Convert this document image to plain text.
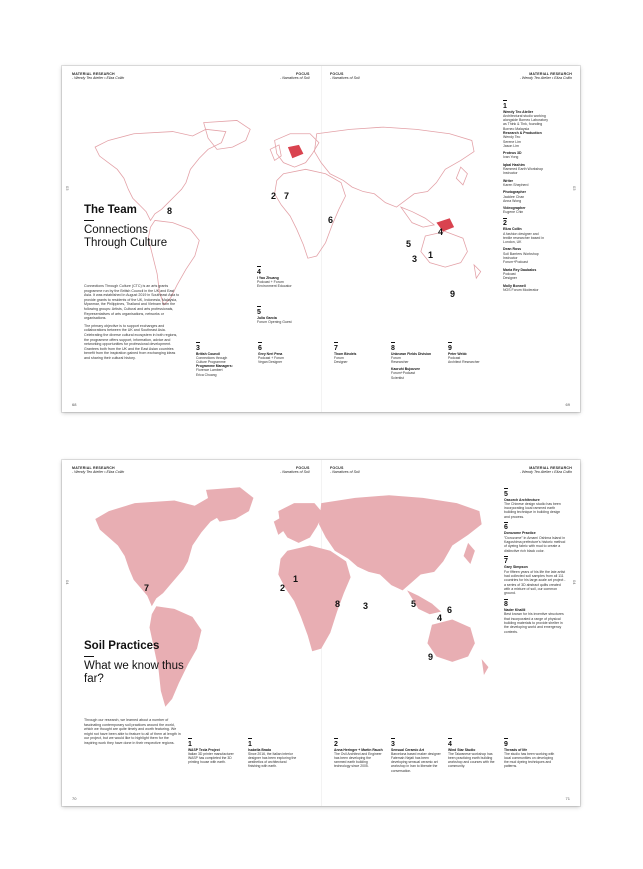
MATERIAL RESEARCH
- Wendy Teo Atelier • Eliza Collin
FOCUS
- Narratives of Soil
FOCUS
- Narratives of Soil
MATERIAL RESEARCH
- Wendy Teo Atelier • Eliza Collin
03	03
68	69
8
2 7
6
5
4
3 1
9
The Team
Connections Through Culture

Connections Through Culture (CTC) is an arts grants programme run by the British Council in the UK and East Asia. It was established in August 2019 in Southeast Asia to provide grants to residents of the UK, Indonesia, Malaysia, Myanmar, the Philippines, Thailand and Vietnam from the following groups: Artists, Cultural and arts professionals, Representatives of arts organisations, networks or organisations.

The primary objective is to support exchanges and collaborations between the UK and Southeast Asia. Celebrating the diverse cultural ecosystem in both regions, the programme offers support, information, advice and networking opportunities for professional development. Grantees both from the UK and the East Asian countries benefit from the inspiration gained from exchanging ideas and sharing their cultural history.

4
I Yao Zhuang
Podcast + Forum
Environment Educator
5
Julia Garcia
Forum Opening Guest
3
British Council
Connections through
Culture Programme
Programme Managers:
Florence Lambert
Erica Chuang
6
Grey Neri Pena
Podcast + Forum
Vegan Designer
7
Thom Bindels
Forum
Designer
8
Unknown Fields Division
Forum
Researcher
Kaoruhi Bujouvee
Forum+Podcast
Scientist
9
Peter Webb
Podcast
Architect Researcher
1
Wendy Teo Atelier
Architectural studio working
alongside Borneo Laboratory
as Think & Tink, founding
Borneo Malaysia
Research & Production
Wendy Teo
Serene Lim
Jason Lim
Proteus 3D
Ivan Yong
Iqbal Hashim
Rammed Earth Workshop
Instructor
Writer
Karen Shepherd
Photographer
Jacklee Chan
Anna Wong
Videographer
Eugene Chin
2
Eliza Collin
A fashion designer and
textile researcher based in
London, UK
Dean Ross
Soil Barriers Workshop
Instructor
Forum+Podcast
Maria Rey Daubalos
Podcast
Designer
Molly Bonnell
NOS Forum Moderator
MATERIAL RESEARCH
- Wendy Teo Atelier • Eliza Collin
FOCUS
- Narratives of Soil
FOCUS
- Narratives of Soil
MATERIAL RESEARCH
- Wendy Teo Atelier • Eliza Collin
04	04
70	71
7	2
1
8	3	5
4
6
9
Soil Practices
What we know thus far?

Through our research, we learned about a number of fascinating contemporary soil practices around the world, which we thought are quite timely and worth featuring. We might not have been able to feature to all of them at length in our project, but we would like to highlight them for the inspiring work they have done in their respective regions.	1
WASP Tecla Project
Italian 3D printer manufacturer WASP has completed the 3D printing house with earth.
1
Isabella Brada
Since 2016, the Italian interior designer has been exploring the aesthetics of architectural finishing with earth.
2
Anna Heringer + Martin Rauch
The Ovil Architect and Engineer has been developing the rammed earth building technology since 2005.
3
Sensual Ceramic Art
Barcelona based maker designer Fatemah Nejati has been developing sensual ceramic art workshop in Iran to liberate the conversation.
4
Wind Star Studio
The Taiwanese workshop has been practicing earth building workshop and courses with the community.
9
Threads of life
The studio has been working with local communities on developing the mud dyeing techniques and patterns.
5
Oasorch Architecture
The Chinese design studio has been incorporating local rammed earth building technique in building design and process.
6
Dorozome Practice
"Dorozome" in Amami Oshima Island in Kagoshima prefecture's historic method of dyeing fabric with mud to create a distinctive rich black color.
7
Gary Simpson
For fifteen years of his life the late artist had collected soil samples from all 111 countries for his large-scale art project - a series of 3D abstract quilts created with a mixture of soil, our common ground.
8
Nader Khalili
Best known for his inventive structures that incorporated a range of physical building materials to provide shelter in the developing world and emergency contexts.
